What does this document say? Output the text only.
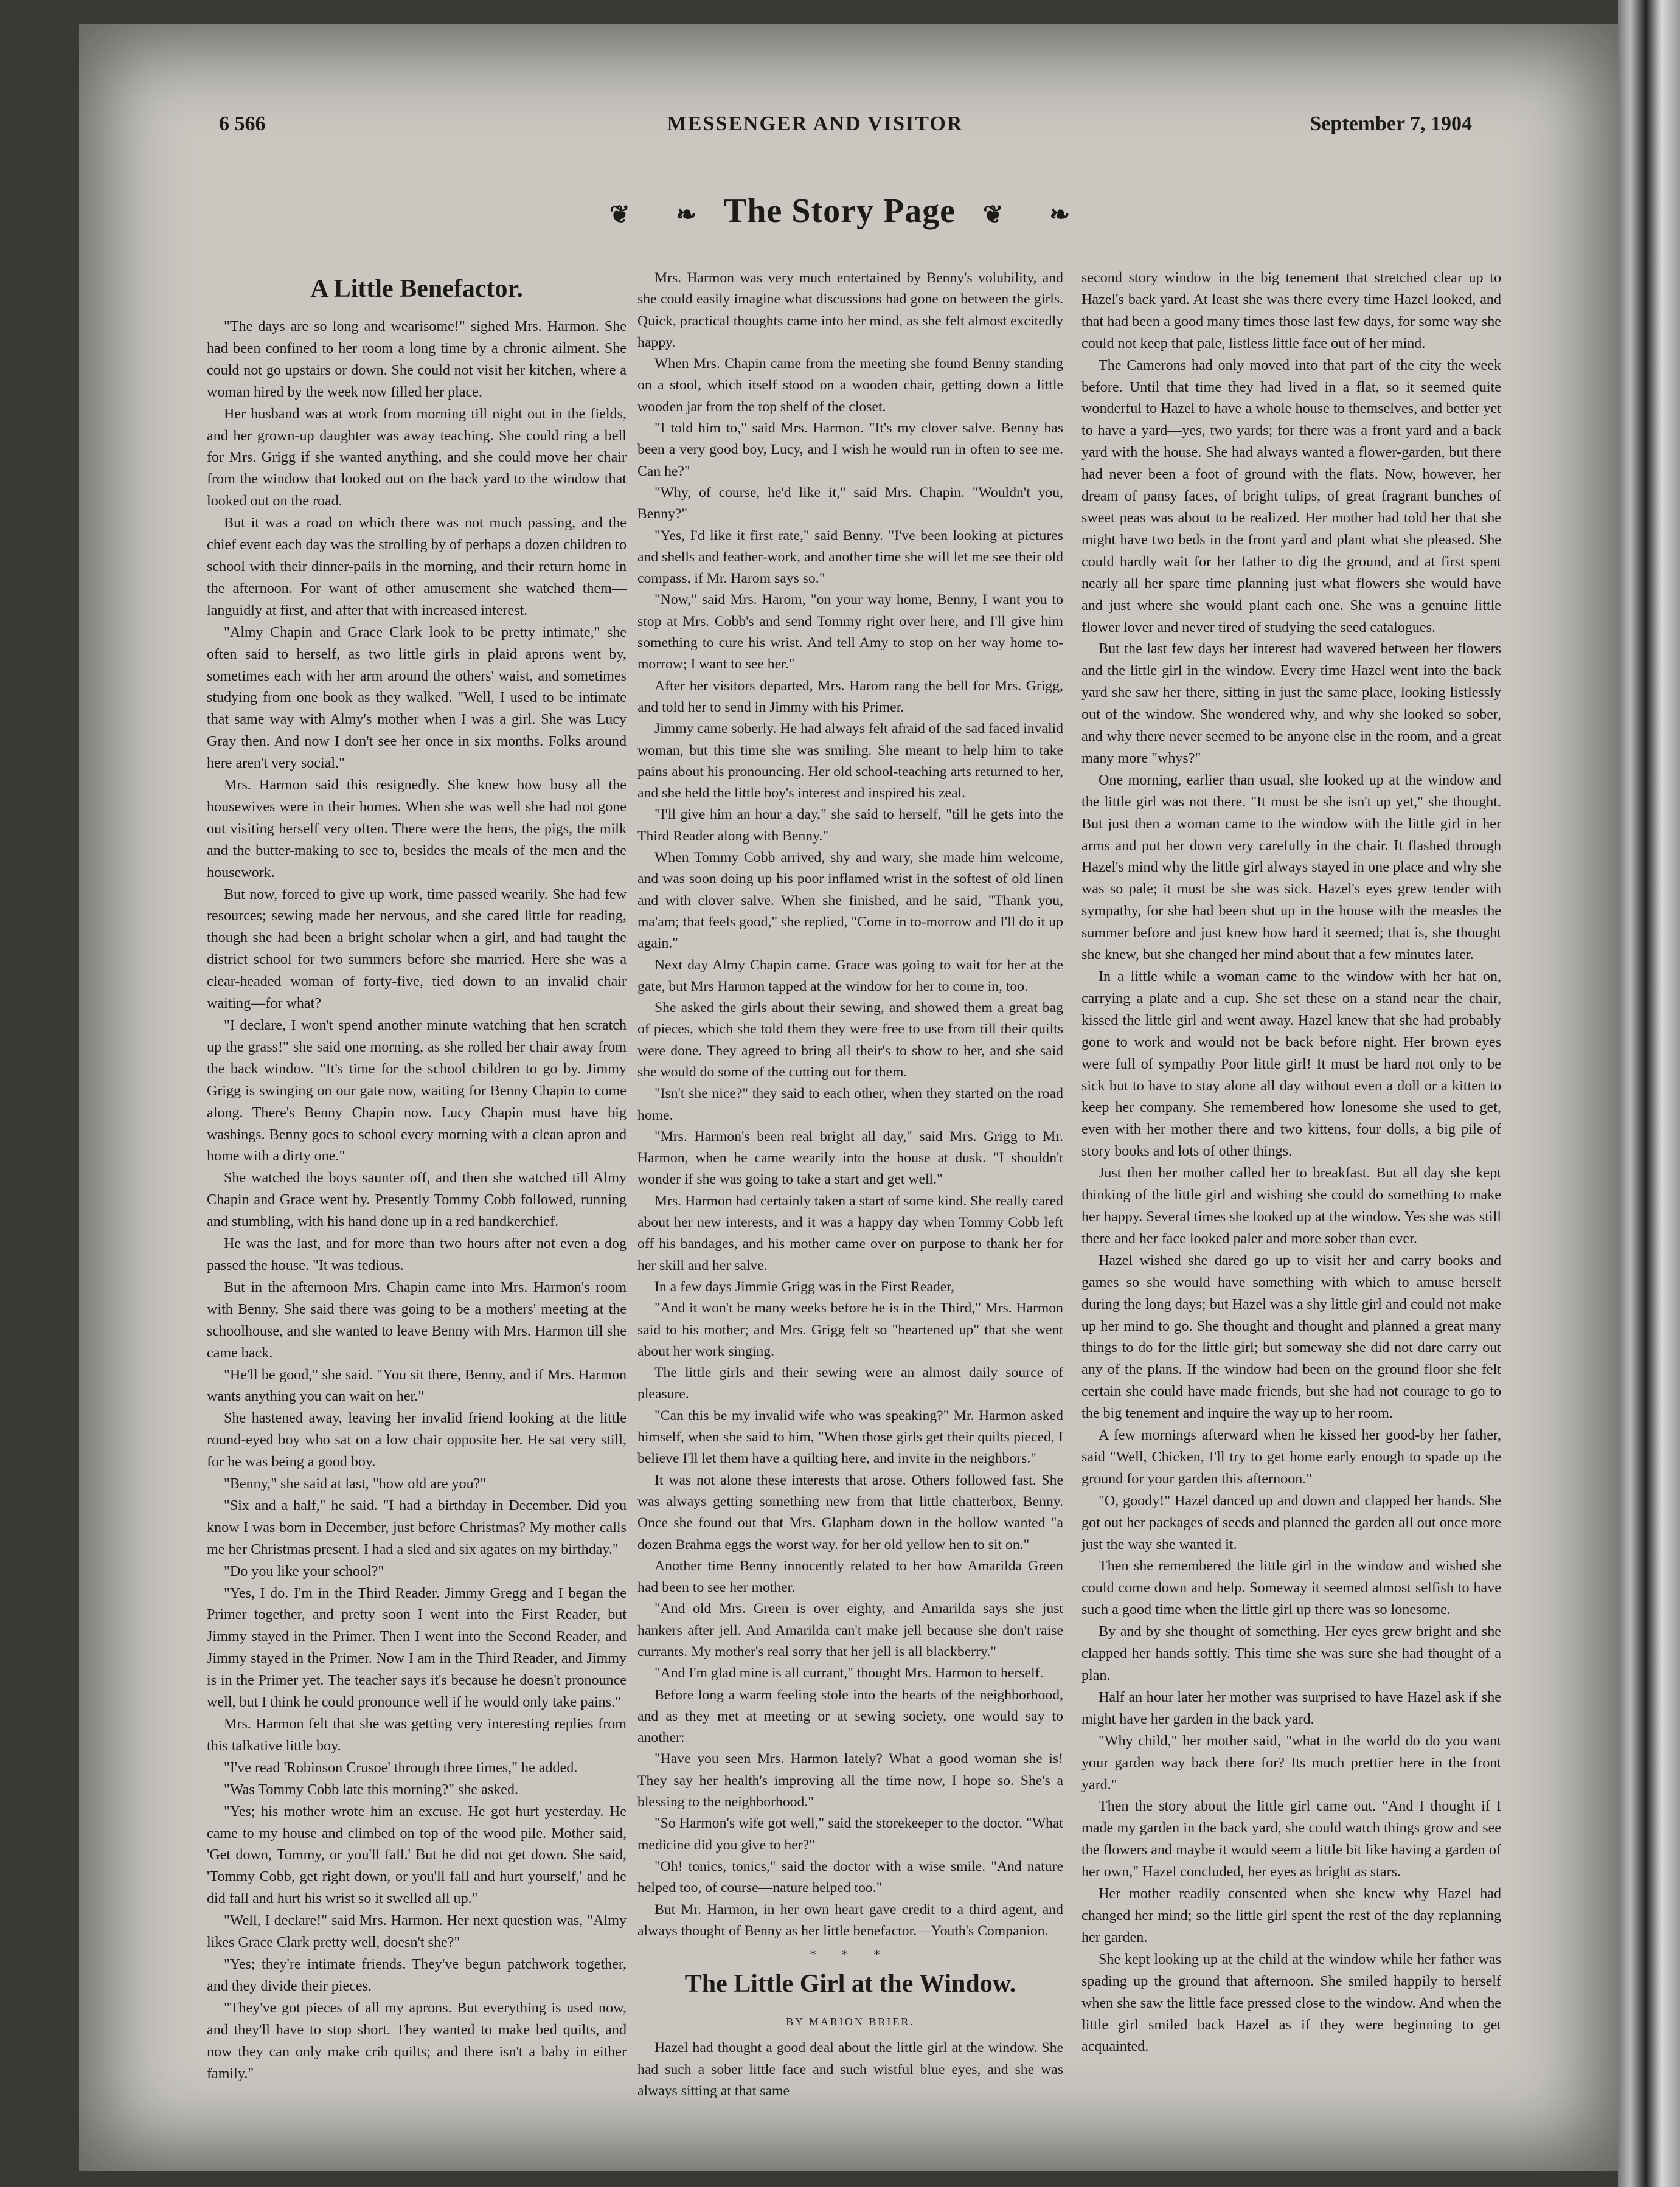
6 566	MESSENGER AND VISITOR	September 7, 1904
❦ ❧ The Story Page ❦ ❧
A Little Benefactor.

"The days are so long and wearisome!" sighed Mrs. Harmon. She had been confined to her room a long time by a chronic ailment. She could not go upstairs or down. She could not visit her kitchen, where a woman hired by the week now filled her place.

Her husband was at work from morning till night out in the fields, and her grown-up daughter was away teaching. She could ring a bell for Mrs. Grigg if she wanted anything, and she could move her chair from the window that looked out on the back yard to the window that looked out on the road.

But it was a road on which there was not much passing, and the chief event each day was the strolling by of perhaps a dozen children to school with their dinner-pails in the morning, and their return home in the afternoon. For want of other amusement she watched them—languidly at first, and after that with increased interest.

"Almy Chapin and Grace Clark look to be pretty intimate," she often said to herself, as two little girls in plaid aprons went by, sometimes each with her arm around the others' waist, and sometimes studying from one book as they walked. "Well, I used to be intimate that same way with Almy's mother when I was a girl. She was Lucy Gray then. And now I don't see her once in six months. Folks around here aren't very social."

Mrs. Harmon said this resignedly. She knew how busy all the housewives were in their homes. When she was well she had not gone out visiting herself very often. There were the hens, the pigs, the milk and the butter-making to see to, besides the meals of the men and the housework.

But now, forced to give up work, time passed wearily. She had few resources; sewing made her nervous, and she cared little for reading, though she had been a bright scholar when a girl, and had taught the district school for two summers before she married. Here she was a clear-headed woman of forty-five, tied down to an invalid chair waiting—for what?

"I declare, I won't spend another minute watching that hen scratch up the grass!" she said one morning, as she rolled her chair away from the back window. "It's time for the school children to go by. Jimmy Grigg is swinging on our gate now, waiting for Benny Chapin to come along. There's Benny Chapin now. Lucy Chapin must have big washings. Benny goes to school every morning with a clean apron and home with a dirty one."

She watched the boys saunter off, and then she watched till Almy Chapin and Grace went by. Presently Tommy Cobb followed, running and stumbling, with his hand done up in a red handkerchief.

He was the last, and for more than two hours after not even a dog passed the house. "It was tedious.

But in the afternoon Mrs. Chapin came into Mrs. Harmon's room with Benny. She said there was going to be a mothers' meeting at the schoolhouse, and she wanted to leave Benny with Mrs. Harmon till she came back.

"He'll be good," she said. "You sit there, Benny, and if Mrs. Harmon wants anything you can wait on her."

She hastened away, leaving her invalid friend looking at the little round-eyed boy who sat on a low chair opposite her. He sat very still, for he was being a good boy.

"Benny," she said at last, "how old are you?"

"Six and a half," he said. "I had a birthday in December. Did you know I was born in December, just before Christmas? My mother calls me her Christmas present. I had a sled and six agates on my birthday."

"Do you like your school?"

"Yes, I do. I'm in the Third Reader. Jimmy Gregg and I began the Primer together, and pretty soon I went into the First Reader, but Jimmy stayed in the Primer. Then I went into the Second Reader, and Jimmy stayed in the Primer. Now I am in the Third Reader, and Jimmy is in the Primer yet. The teacher says it's because he doesn't pronounce well, but I think he could pronounce well if he would only take pains."

Mrs. Harmon felt that she was getting very interesting replies from this talkative little boy.

"I've read 'Robinson Crusoe' through three times," he added.

"Was Tommy Cobb late this morning?" she asked.

"Yes; his mother wrote him an excuse. He got hurt yesterday. He came to my house and climbed on top of the wood pile. Mother said, 'Get down, Tommy, or you'll fall.' But he did not get down. She said, 'Tommy Cobb, get right down, or you'll fall and hurt yourself,' and he did fall and hurt his wrist so it swelled all up."

"Well, I declare!" said Mrs. Harmon. Her next question was, "Almy likes Grace Clark pretty well, doesn't she?"

"Yes; they're intimate friends. They've begun patchwork together, and they divide their pieces.

"They've got pieces of all my aprons. But everything is used now, and they'll have to stop short. They wanted to make bed quilts, and now they can only make crib quilts; and there isn't a baby in either family."

Mrs. Harmon was very much entertained by Benny's volubility, and she could easily imagine what discussions had gone on between the girls. Quick, practical thoughts came into her mind, as she felt almost excitedly happy.

When Mrs. Chapin came from the meeting she found Benny standing on a stool, which itself stood on a wooden chair, getting down a little wooden jar from the top shelf of the closet.

"I told him to," said Mrs. Harmon. "It's my clover salve. Benny has been a very good boy, Lucy, and I wish he would run in often to see me. Can he?"

"Why, of course, he'd like it," said Mrs. Chapin. "Wouldn't you, Benny?"

"Yes, I'd like it first rate," said Benny. "I've been looking at pictures and shells and feather-work, and another time she will let me see their old compass, if Mr. Harom says so."

"Now," said Mrs. Harom, "on your way home, Benny, I want you to stop at Mrs. Cobb's and send Tommy right over here, and I'll give him something to cure his wrist. And tell Amy to stop on her way home to-morrow; I want to see her."

After her visitors departed, Mrs. Harom rang the bell for Mrs. Grigg, and told her to send in Jimmy with his Primer.

Jimmy came soberly. He had always felt afraid of the sad faced invalid woman, but this time she was smiling. She meant to help him to take pains about his pronouncing. Her old school-teaching arts returned to her, and she held the little boy's interest and inspired his zeal.

"I'll give him an hour a day," she said to herself, "till he gets into the Third Reader along with Benny."

When Tommy Cobb arrived, shy and wary, she made him welcome, and was soon doing up his poor inflamed wrist in the softest of old linen and with clover salve. When she finished, and he said, "Thank you, ma'am; that feels good," she replied, "Come in to-morrow and I'll do it up again."

Next day Almy Chapin came. Grace was going to wait for her at the gate, but Mrs Harmon tapped at the window for her to come in, too.

She asked the girls about their sewing, and showed them a great bag of pieces, which she told them they were free to use from till their quilts were done. They agreed to bring all their's to show to her, and she said she would do some of the cutting out for them.

"Isn't she nice?" they said to each other, when they started on the road home.

"Mrs. Harmon's been real bright all day," said Mrs. Grigg to Mr. Harmon, when he came wearily into the house at dusk. "I shouldn't wonder if she was going to take a start and get well."

Mrs. Harmon had certainly taken a start of some kind. She really cared about her new interests, and it was a happy day when Tommy Cobb left off his bandages, and his mother came over on purpose to thank her for her skill and her salve.

In a few days Jimmie Grigg was in the First Reader,

"And it won't be many weeks before he is in the Third," Mrs. Harmon said to his mother; and Mrs. Grigg felt so "heartened up" that she went about her work singing.

The little girls and their sewing were an almost daily source of pleasure.

"Can this be my invalid wife who was speaking?" Mr. Harmon asked himself, when she said to him, "When those girls get their quilts pieced, I believe I'll let them have a quilting here, and invite in the neighbors."

It was not alone these interests that arose. Others followed fast. She was always getting something new from that little chatterbox, Benny. Once she found out that Mrs. Glapham down in the hollow wanted "a dozen Brahma eggs the worst way. for her old yellow hen to sit on."

Another time Benny innocently related to her how Amarilda Green had been to see her mother.

"And old Mrs. Green is over eighty, and Amarilda says she just hankers after jell. And Amarilda can't make jell because she don't raise currants. My mother's real sorry that her jell is all blackberry."

"And I'm glad mine is all currant," thought Mrs. Harmon to herself.

Before long a warm feeling stole into the hearts of the neighborhood, and as they met at meeting or at sewing society, one would say to another:

"Have you seen Mrs. Harmon lately? What a good woman she is! They say her health's improving all the time now, I hope so. She's a blessing to the neighborhood."

"So Harmon's wife got well," said the storekeeper to the doctor. "What medicine did you give to her?"

"Oh! tonics, tonics," said the doctor with a wise smile. "And nature helped too, of course—nature helped too."

But Mr. Harmon, in her own heart gave credit to a third agent, and always thought of Benny as her little benefactor.—Youth's Companion.

* * *
The Little Girl at the Window.
BY MARION BRIER.

Hazel had thought a good deal about the little girl at the window. She had such a sober little face and such wistful blue eyes, and she was always sitting at that same

second story window in the big tenement that stretched clear up to Hazel's back yard. At least she was there every time Hazel looked, and that had been a good many times those last few days, for some way she could not keep that pale, listless little face out of her mind.

The Camerons had only moved into that part of the city the week before. Until that time they had lived in a flat, so it seemed quite wonderful to Hazel to have a whole house to themselves, and better yet to have a yard—yes, two yards; for there was a front yard and a back yard with the house. She had always wanted a flower-garden, but there had never been a foot of ground with the flats. Now, however, her dream of pansy faces, of bright tulips, of great fragrant bunches of sweet peas was about to be realized. Her mother had told her that she might have two beds in the front yard and plant what she pleased. She could hardly wait for her father to dig the ground, and at first spent nearly all her spare time planning just what flowers she would have and just where she would plant each one. She was a genuine little flower lover and never tired of studying the seed catalogues.

But the last few days her interest had wavered between her flowers and the little girl in the window. Every time Hazel went into the back yard she saw her there, sitting in just the same place, looking listlessly out of the window. She wondered why, and why she looked so sober, and why there never seemed to be anyone else in the room, and a great many more "whys?"

One morning, earlier than usual, she looked up at the window and the little girl was not there. "It must be she isn't up yet," she thought. But just then a woman came to the window with the little girl in her arms and put her down very carefully in the chair. It flashed through Hazel's mind why the little girl always stayed in one place and why she was so pale; it must be she was sick. Hazel's eyes grew tender with sympathy, for she had been shut up in the house with the measles the summer before and just knew how hard it seemed; that is, she thought she knew, but she changed her mind about that a few minutes later.

In a little while a woman came to the window with her hat on, carrying a plate and a cup. She set these on a stand near the chair, kissed the little girl and went away. Hazel knew that she had probably gone to work and would not be back before night. Her brown eyes were full of sympathy Poor little girl! It must be hard not only to be sick but to have to stay alone all day without even a doll or a kitten to keep her company. She remembered how lonesome she used to get, even with her mother there and two kittens, four dolls, a big pile of story books and lots of other things.

Just then her mother called her to breakfast. But all day she kept thinking of the little girl and wishing she could do something to make her happy. Several times she looked up at the window. Yes she was still there and her face looked paler and more sober than ever.

Hazel wished she dared go up to visit her and carry books and games so she would have something with which to amuse herself during the long days; but Hazel was a shy little girl and could not make up her mind to go. She thought and thought and planned a great many things to do for the little girl; but someway she did not dare carry out any of the plans. If the window had been on the ground floor she felt certain she could have made friends, but she had not courage to go to the big tenement and inquire the way up to her room.

A few mornings afterward when he kissed her good-by her father, said "Well, Chicken, I'll try to get home early enough to spade up the ground for your garden this afternoon."

"O, goody!" Hazel danced up and down and clapped her hands. She got out her packages of seeds and planned the garden all out once more just the way she wanted it.

Then she remembered the little girl in the window and wished she could come down and help. Someway it seemed almost selfish to have such a good time when the little girl up there was so lonesome.

By and by she thought of something. Her eyes grew bright and she clapped her hands softly. This time she was sure she had thought of a plan.

Half an hour later her mother was surprised to have Hazel ask if she might have her garden in the back yard.

"Why child," her mother said, "what in the world do do you want your garden way back there for? Its much prettier here in the front yard."

Then the story about the little girl came out. "And I thought if I made my garden in the back yard, she could watch things grow and see the flowers and maybe it would seem a little bit like having a garden of her own," Hazel concluded, her eyes as bright as stars.

Her mother readily consented when she knew why Hazel had changed her mind; so the little girl spent the rest of the day replanning her garden.

She kept looking up at the child at the window while her father was spading up the ground that afternoon. She smiled happily to herself when she saw the little face pressed close to the window. And when the little girl smiled back Hazel as if they were beginning to get acquainted.
